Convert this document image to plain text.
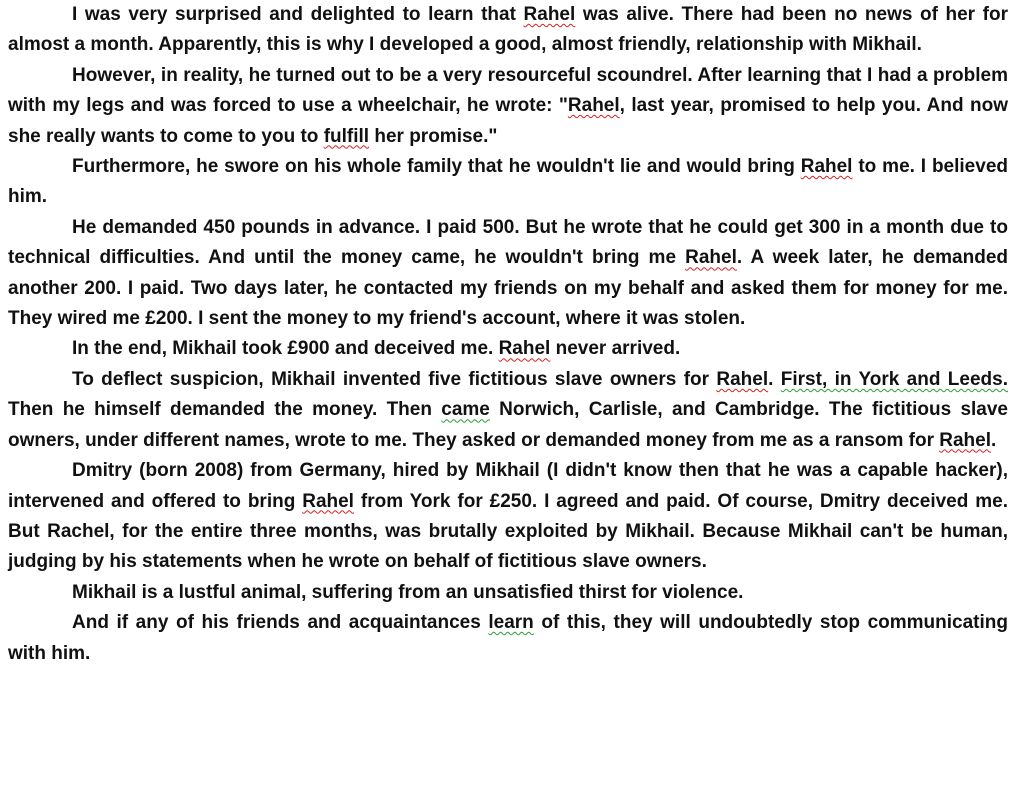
I was very surprised and delighted to learn that Rahel was alive. There had been no news of her for almost a month. Apparently, this is why I developed a good, almost friendly, relationship with Mikhail.

However, in reality, he turned out to be a very resourceful scoundrel. After learning that I had a problem with my legs and was forced to use a wheelchair, he wrote: "Rahel, last year, promised to help you. And now she really wants to come to you to fulfill her promise."

Furthermore, he swore on his whole family that he wouldn't lie and would bring Rahel to me. I believed him.

He demanded 450 pounds in advance. I paid 500. But he wrote that he could get 300 in a month due to technical difficulties. And until the money came, he wouldn't bring me Rahel. A week later, he demanded another 200. I paid. Two days later, he contacted my friends on my behalf and asked them for money for me. They wired me £200. I sent the money to my friend's account, where it was stolen.

In the end, Mikhail took £900 and deceived me. Rahel never arrived.

To deflect suspicion, Mikhail invented five fictitious slave owners for Rahel. First, in York and Leeds. Then he himself demanded the money. Then came Norwich, Carlisle, and Cambridge. The fictitious slave owners, under different names, wrote to me. They asked or demanded money from me as a ransom for Rahel.

Dmitry (born 2008) from Germany, hired by Mikhail (I didn't know then that he was a capable hacker), intervened and offered to bring Rahel from York for £250. I agreed and paid. Of course, Dmitry deceived me. But Rachel, for the entire three months, was brutally exploited by Mikhail. Because Mikhail can't be human, judging by his statements when he wrote on behalf of fictitious slave owners.

Mikhail is a lustful animal, suffering from an unsatisfied thirst for violence.

And if any of his friends and acquaintances learn of this, they will undoubtedly stop communicating with him.
